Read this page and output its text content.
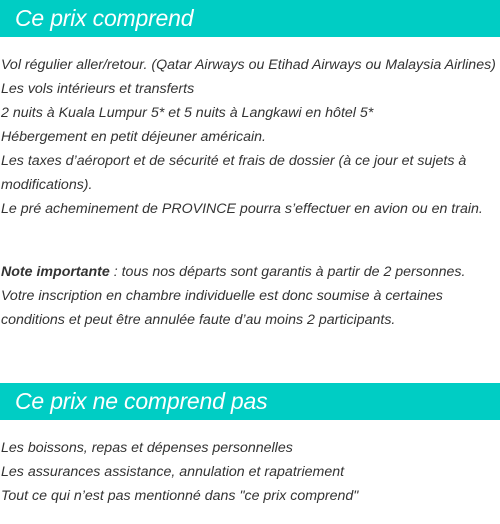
Ce prix comprend
Vol régulier aller/retour. (Qatar Airways ou Etihad Airways ou Malaysia Airlines)
Les vols intérieurs et transferts
2 nuits à Kuala Lumpur 5* et 5 nuits à Langkawi en hôtel 5*
Hébergement en petit déjeuner américain.
Les taxes d’aéroport et de sécurité et frais de dossier (à ce jour et sujets à modifications).
Le pré acheminement de PROVINCE pourra s’effectuer en avion ou en train.

Note importante : tous nos départs sont garantis à partir de 2 personnes. Votre inscription en chambre individuelle est donc soumise à certaines conditions et peut être annulée faute d’au moins 2 participants.

Ce prix ne comprend pas
Les boissons, repas et dépenses personnelles
Les assurances assistance, annulation et rapatriement
Tout ce qui n’est pas mentionné dans "ce prix comprend"
